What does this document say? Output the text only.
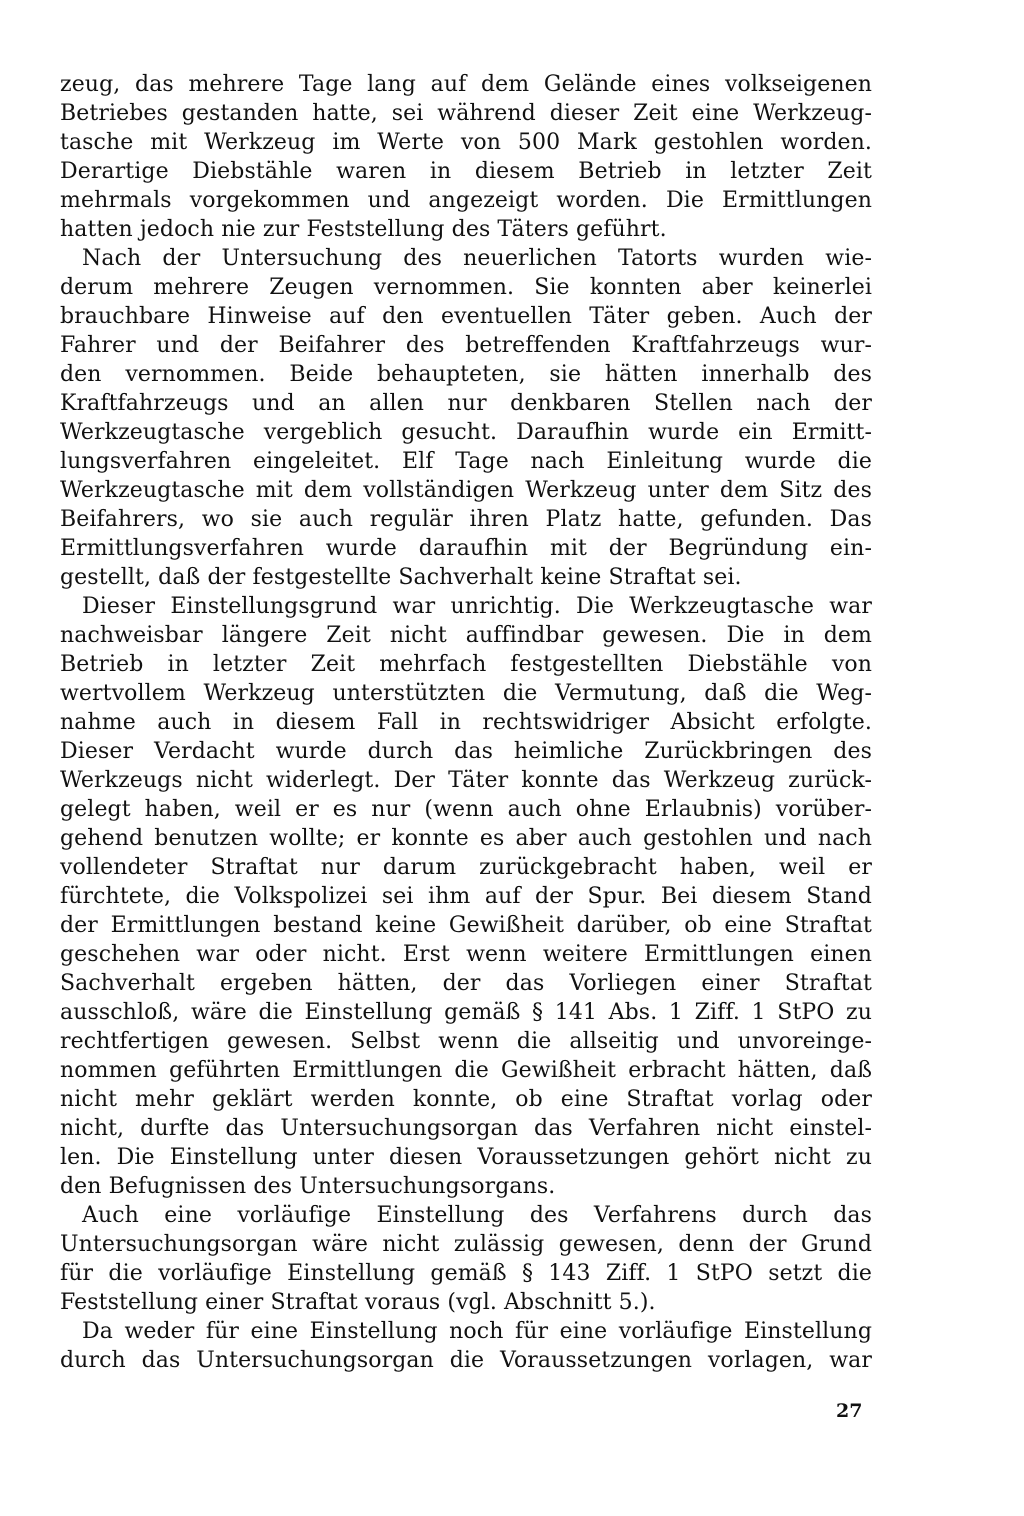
zeug, das mehrere Tage lang auf dem Gelände eines volkseigenen
Betriebes gestanden hatte, sei während dieser Zeit eine Werkzeug-
tasche mit Werkzeug im Werte von 500 Mark gestohlen worden.
Derartige Diebstähle waren in diesem Betrieb in letzter Zeit
mehrmals vorgekommen und angezeigt worden. Die Ermittlungen
hatten jedoch nie zur Feststellung des Täters geführt.
Nach der Untersuchung des neuerlichen Tatorts wurden wie-
derum mehrere Zeugen vernommen. Sie konnten aber keinerlei
brauchbare Hinweise auf den eventuellen Täter geben. Auch der
Fahrer und der Beifahrer des betreffenden Kraftfahrzeugs wur-
den vernommen. Beide behaupteten, sie hätten innerhalb des
Kraftfahrzeugs und an allen nur denkbaren Stellen nach der
Werkzeugtasche vergeblich gesucht. Daraufhin wurde ein Ermitt-
lungsverfahren eingeleitet. Elf Tage nach Einleitung wurde die
Werkzeugtasche mit dem vollständigen Werkzeug unter dem Sitz des
Beifahrers, wo sie auch regulär ihren Platz hatte, gefunden. Das
Ermittlungsverfahren wurde daraufhin mit der Begründung ein-
gestellt, daß der festgestellte Sachverhalt keine Straftat sei.
Dieser Einstellungsgrund war unrichtig. Die Werkzeugtasche war
nachweisbar längere Zeit nicht auffindbar gewesen. Die in dem
Betrieb in letzter Zeit mehrfach festgestellten Diebstähle von
wertvollem Werkzeug unterstützten die Vermutung, daß die Weg-
nahme auch in diesem Fall in rechtswidriger Absicht erfolgte.
Dieser Verdacht wurde durch das heimliche Zurückbringen des
Werkzeugs nicht widerlegt. Der Täter konnte das Werkzeug zurück-
gelegt haben, weil er es nur (wenn auch ohne Erlaubnis) vorüber-
gehend benutzen wollte; er konnte es aber auch gestohlen und nach
vollendeter Straftat nur darum zurückgebracht haben, weil er
fürchtete, die Volkspolizei sei ihm auf der Spur. Bei diesem Stand
der Ermittlungen bestand keine Gewißheit darüber, ob eine Straftat
geschehen war oder nicht. Erst wenn weitere Ermittlungen einen
Sachverhalt ergeben hätten, der das Vorliegen einer Straftat
ausschloß, wäre die Einstellung gemäß § 141 Abs. 1 Ziff. 1 StPO zu
rechtfertigen gewesen. Selbst wenn die allseitig und unvoreinge-
nommen geführten Ermittlungen die Gewißheit erbracht hätten, daß
nicht mehr geklärt werden konnte, ob eine Straftat vorlag oder
nicht, durfte das Untersuchungsorgan das Verfahren nicht einstel-
len. Die Einstellung unter diesen Voraussetzungen gehört nicht zu
den Befugnissen des Untersuchungsorgans.
Auch eine vorläufige Einstellung des Verfahrens durch das
Untersuchungsorgan wäre nicht zulässig gewesen, denn der Grund
für die vorläufige Einstellung gemäß § 143 Ziff. 1 StPO setzt die
Feststellung einer Straftat voraus (vgl. Abschnitt 5.).
Da weder für eine Einstellung noch für eine vorläufige Einstellung
durch das Untersuchungsorgan die Voraussetzungen vorlagen, war
27
